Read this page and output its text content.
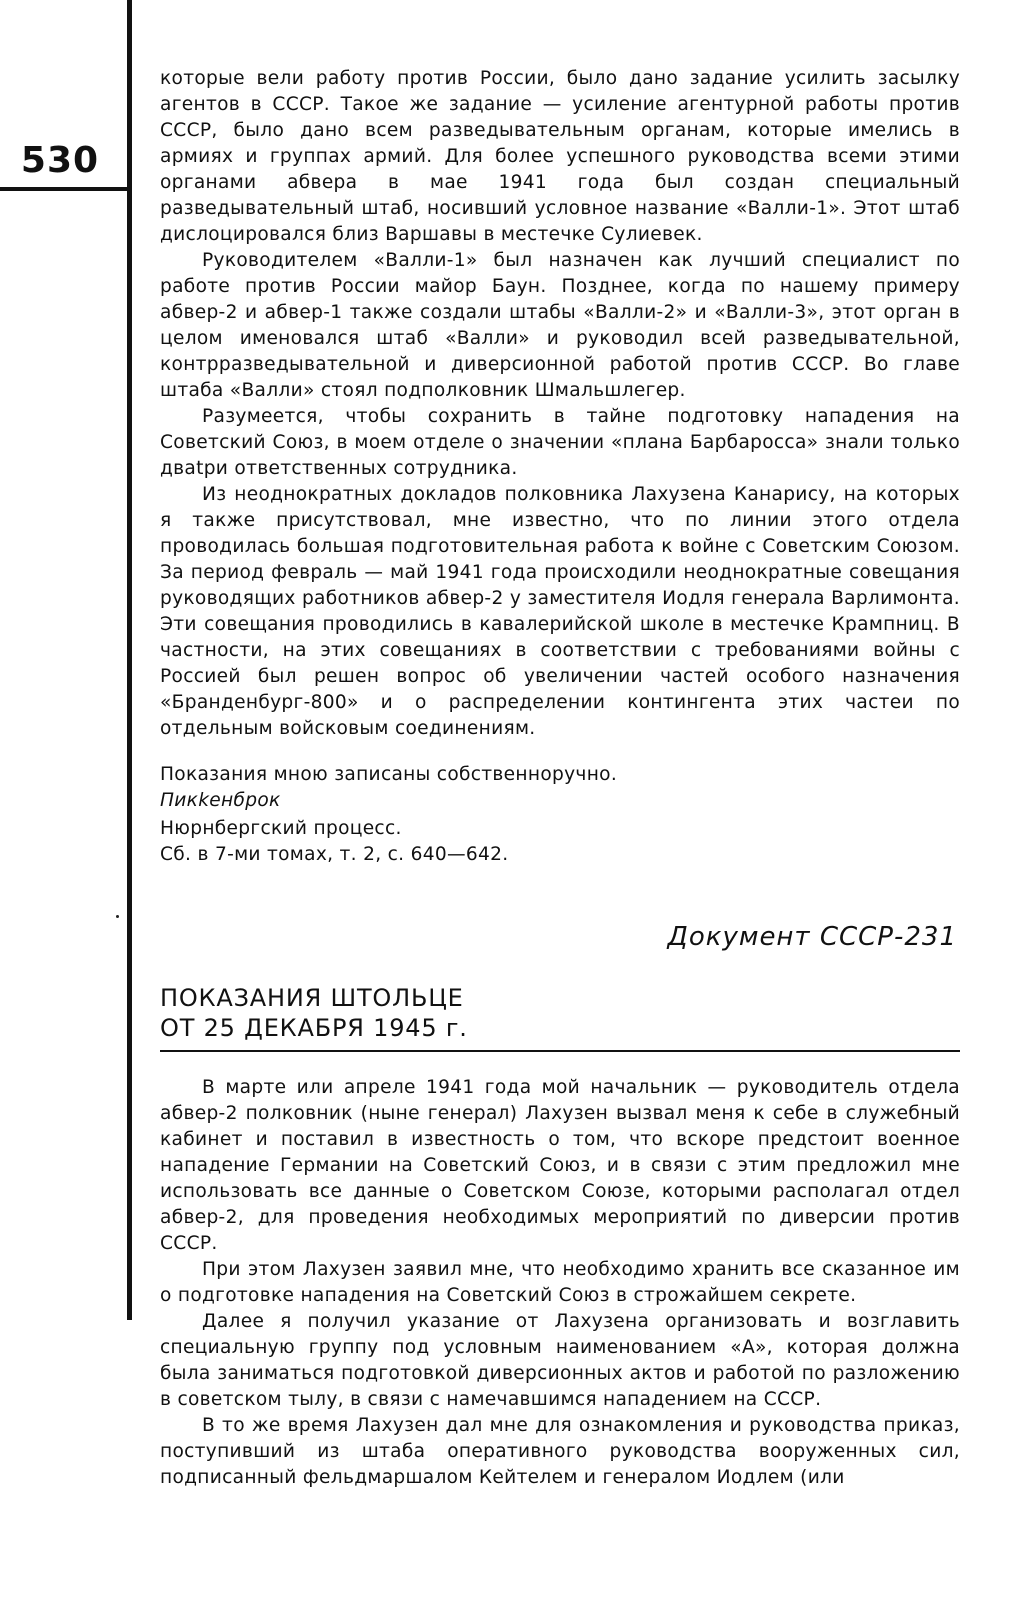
530

которые вели работу против России, было дано задание усилить засылку агентов в СССР. Такое же задание — усиление агентурной работы против СССР, было дано всем разведывательным органам, которые имелись в армиях и группах армий. Для более успешного руководства всеми этими органами абвера в мае 1941 года был создан специальный разведывательный штаб, носивший условное название «Валли-1». Этот штаб дислоцировался близ Варшавы в местечке Сулиевек.

Руководителем «Валли-1» был назначен как лучший специалист по работе против России майор Баун. Позднее, когда по нашему примеру абвер-2 и абвер-1 также создали штабы «Валли-2» и «Валли-3», этот орган в целом именовался штаб «Валли» и руководил всей разведывательной, контрразведывательной и диверсионной работой против СССР. Во главе штаба «Валли» стоял подполковник Шмальшлегер.

Разумеется, чтобы сохранить в тайне подготовку нападения на Советский Союз, в моем отделе о значении «плана Барбаросса» знали только двatри ответственных сотрудника.

Из неоднократных докладов полковника Лахузена Канарису, на которых я также присутствовал, мне известно, что по линии этого отдела проводилась большая подготовительная работа к войне с Советским Союзом. За период февраль — май 1941 года происходили неоднократные совещания руководящих работников абвер-2 у заместителя Иодля генерала Варлимонта. Эти совещания проводились в кавалерийской школе в местечке Крампниц. В частности, на этих совещаниях в соответствии с требованиями войны с Россией был решен вопрос об увеличении частей особого назначения «Бранденбург-800» и о распределении контингента этих частеи по отдельным войсковым соединениям.

Показания мною записаны собственноручно.

Пикkенброк

Нюрнбергский процесс.

Сб. в 7-ми томах, т. 2, с. 640—642.

Документ СССР-231
ПОКАЗАНИЯ ШТОЛЬЦЕ
ОТ 25 ДЕКАБРЯ 1945 г.

В марте или апреле 1941 года мой начальник — руководитель отдела абвер-2 полковник (ныне генерал) Лахузен вызвал меня к себе в служебный кабинет и поставил в известность о том, что вскоре предстоит военное нападение Германии на Советский Союз, и в связи с этим предложил мне использовать все данные о Советском Союзе, которыми располагал отдел абвер-2, для проведения необходимых мероприятий по диверсии против СССР.

При этом Лахузен заявил мне, что необходимо хранить все сказанное им о подготовке нападения на Советский Союз в строжайшем секрете.

Далее я получил указание от Лахузена организовать и возглавить специальную группу под условным наименованием «А», которая должна была заниматься подготовкой диверсионных актов и работой по разложению в советском тылу, в связи с намечавшимся нападением на СССР.

В то же время Лахузен дал мне для ознакомления и руководства приказ, поступивший из штаба оперативного руководства вооруженных сил, подписанный фельдмаршалом Кейтелем и генералом Иодлем (или
